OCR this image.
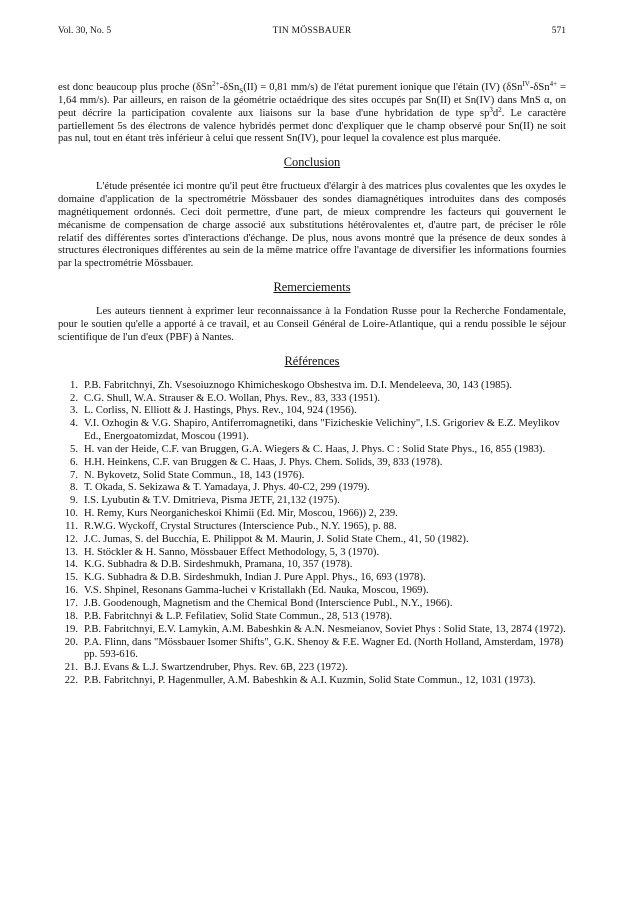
Vol. 30, No. 5	TIN MÖSSBAUER	571

est donc beaucoup plus proche (δSn$^{2+}$-δSn$_S$(II) = 0,81 mm/s) de l'état purement ionique que l'étain (IV) (δSn$^{IV}$-δSn$^{4+}$ = 1,64 mm/s). Par ailleurs, en raison de la géométrie octaédrique des sites occupés par Sn(II) et Sn(IV) dans MnS α, on peut décrire la participation covalente aux liaisons sur la base d'une hybridation de type $sp^3d^2$. Le caractère partiellement 5s des électrons de valence hybridés permet donc d'expliquer que le champ observé pour Sn(II) ne soit pas nul, tout en étant très inférieur à celui que ressent Sn(IV), pour lequel la covalence est plus marquée.

Conclusion

L'étude présentée ici montre qu'il peut être fructueux d'élargir à des matrices plus covalentes que les oxydes le domaine d'application de la spectrométrie Mössbauer des sondes diamagnétiques introduites dans des composés magnétiquement ordonnés. Ceci doit permettre, d'une part, de mieux comprendre les facteurs qui gouvernent le mécanisme de compensation de charge associé aux substitutions hétérovalentes et, d'autre part, de préciser le rôle relatif des différentes sortes d'interactions d'échange. De plus, nous avons montré que la présence de deux sondes à structures électroniques différentes au sein de la même matrice offre l'avantage de diversifier les informations fournies par la spectrométrie Mössbauer.

Remerciements

Les auteurs tiennent à exprimer leur reconnaissance à la Fondation Russe pour la Recherche Fondamentale, pour le soutien qu'elle a apporté à ce travail, et au Conseil Général de Loire-Atlantique, qui a rendu possible le séjour scientifique de l'un d'eux (PBF) à Nantes.

Références
1. P.B. Fabritchnyi, Zh. Vsesoiuznogo Khimicheskogo Obshestva im. D.I. Mendeleeva, 30, 143 (1985).
2. C.G. Shull, W.A. Strauser & E.O. Wollan, Phys. Rev., 83, 333 (1951).
3. L. Corliss, N. Elliott & J. Hastings, Phys. Rev., 104, 924 (1956).
4. V.I. Ozhogin & V.G. Shapiro, Antiferromagnetiki, dans "Fizicheskie Velichiny", I.S. Grigoriev & E.Z. Meylikov Ed., Energoatomizdat, Moscou (1991).
5. H. van der Heide, C.F. van Bruggen, G.A. Wiegers & C. Haas, J. Phys. C : Solid State Phys., 16, 855 (1983).
6. H.H. Heinkens, C.F. van Bruggen & C. Haas, J. Phys. Chem. Solids, 39, 833 (1978).
7. N. Bykovetz, Solid State Commun., 18, 143 (1976).
8. T. Okada, S. Sekizawa & T. Yamadaya, J. Phys. 40-C2, 299 (1979).
9. I.S. Lyubutin & T.V. Dmitrieva, Pisma JETF, 21,132 (1975).
10. H. Remy, Kurs Neorganicheskoi Khimii (Ed. Mir, Moscou, 1966)) 2, 239.
11. R.W.G. Wyckoff, Crystal Structures (Interscience Pub., N.Y. 1965), p. 88.
12. J.C. Jumas, S. del Bucchia, E. Philippot & M. Maurin, J. Solid State Chem., 41, 50 (1982).
13. H. Stöckler & H. Sanno, Mössbauer Effect Methodology, 5, 3 (1970).
14. K.G. Subhadra & D.B. Sirdeshmukh, Pramana, 10, 357 (1978).
15. K.G. Subhadra & D.B. Sirdeshmukh, Indian J. Pure Appl. Phys., 16, 693 (1978).
16. V.S. Shpinel, Resonans Gamma-luchei v Kristallakh (Ed. Nauka, Moscou, 1969).
17. J.B. Goodenough, Magnetism and the Chemical Bond (Interscience Publ., N.Y., 1966).
18. P.B. Fabritchnyi & L.P. Fefilatiev, Solid State Commun., 28, 513 (1978).
19. P.B. Fabritchnyi, E.V. Lamykin, A.M. Babeshkin & A.N. Nesmeianov, Soviet Phys : Solid State, 13, 2874 (1972).
20. P.A. Flinn, dans "Mössbauer Isomer Shifts", G.K. Shenoy & F.E. Wagner Ed. (North Holland, Amsterdam, 1978) pp. 593-616.
21. B.J. Evans & L.J. Swartzendruber, Phys. Rev. 6B, 223 (1972).
22. P.B. Fabritchnyi, P. Hagenmuller, A.M. Babeshkin & A.I. Kuzmin, Solid State Commun., 12, 1031 (1973).
